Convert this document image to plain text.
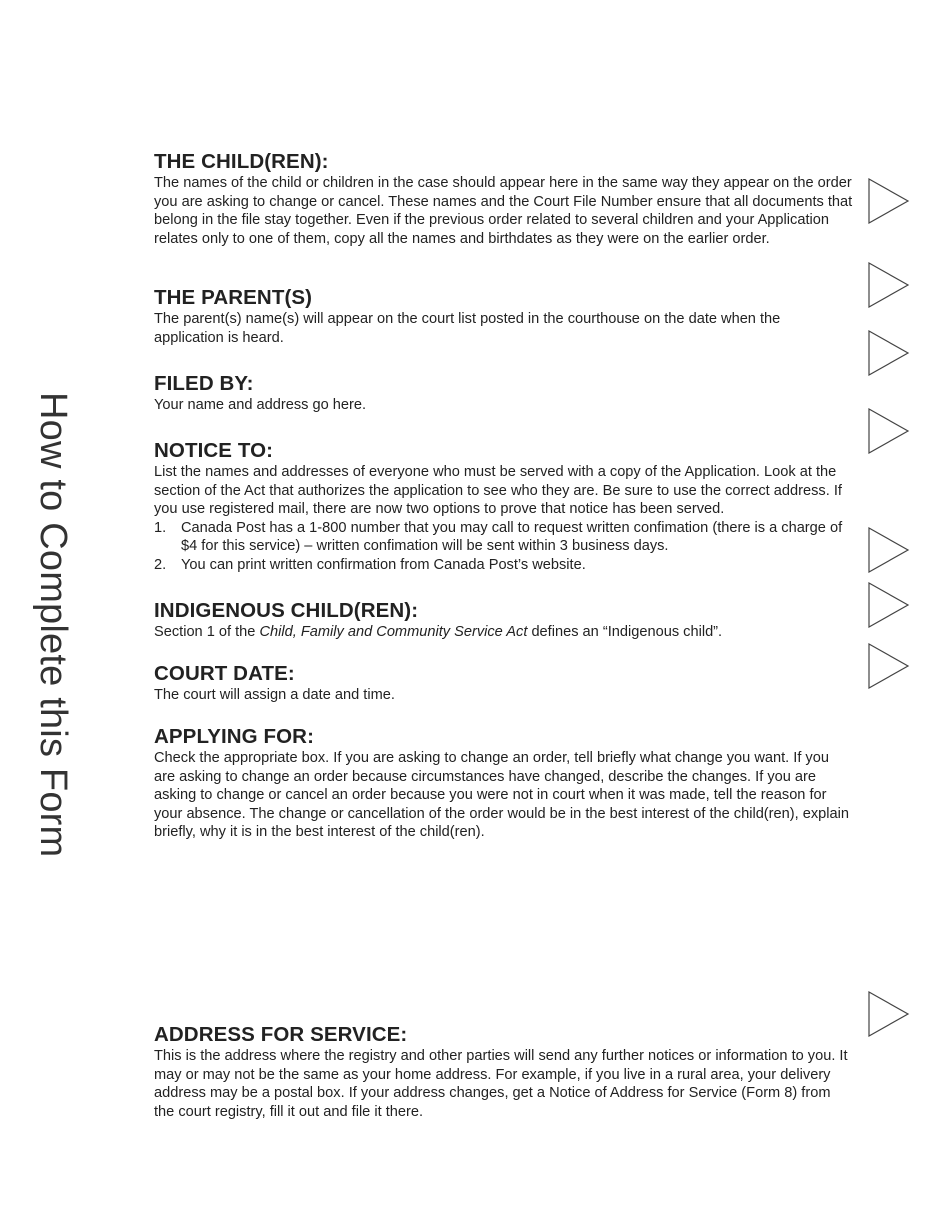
How to Complete this Form
THE CHILD(REN):

The names of the child or children in the case should appear here in the same way they appear on the order you are asking to change or cancel. These names and the Court File Number ensure that all documents that belong in the file stay together. Even if the previous order related to several children and your Application relates only to one of them, copy all the names and birthdates as they were on the earlier order.

THE PARENT(S)

The parent(s) name(s) will appear on the court list posted in the courthouse on the date when the application is heard.

FILED BY:

Your name and address go here.

NOTICE TO:

List the names and addresses of everyone who must be served with a copy of the Application. Look at the section of the Act that authorizes the application to see who they are. Be sure to use the correct address. If you use registered mail, there are now two options to prove that notice has been served.

1. Canada Post has a 1-800 number that you may call to request written confimation (there is a charge of $4 for this service) – written confimation will be sent within 3 business days.
2. You can print written confirmation from Canada Post’s website.
INDIGENOUS CHILD(REN):

Section 1 of the Child, Family and Community Service Act defines an “Indigenous child”.

COURT DATE:

The court will assign a date and time.

APPLYING FOR:

Check the appropriate box. If you are asking to change an order, tell briefly what change you want. If you are asking to change an order because circumstances have changed, describe the changes. If you are asking to change or cancel an order because you were not in court when it was made, tell the reason for your absence. The change or cancellation of the order would be in the best interest of the child(ren), explain briefly, why it is in the best interest of the child(ren).

ADDRESS FOR SERVICE:

This is the address where the registry and other parties will send any further notices or information to you. It may or may not be the same as your home address. For example, if you live in a rural area, your delivery address may be a postal box. If your address changes, get a Notice of Address for Service (Form 8) from the court registry, fill it out and file it there.
